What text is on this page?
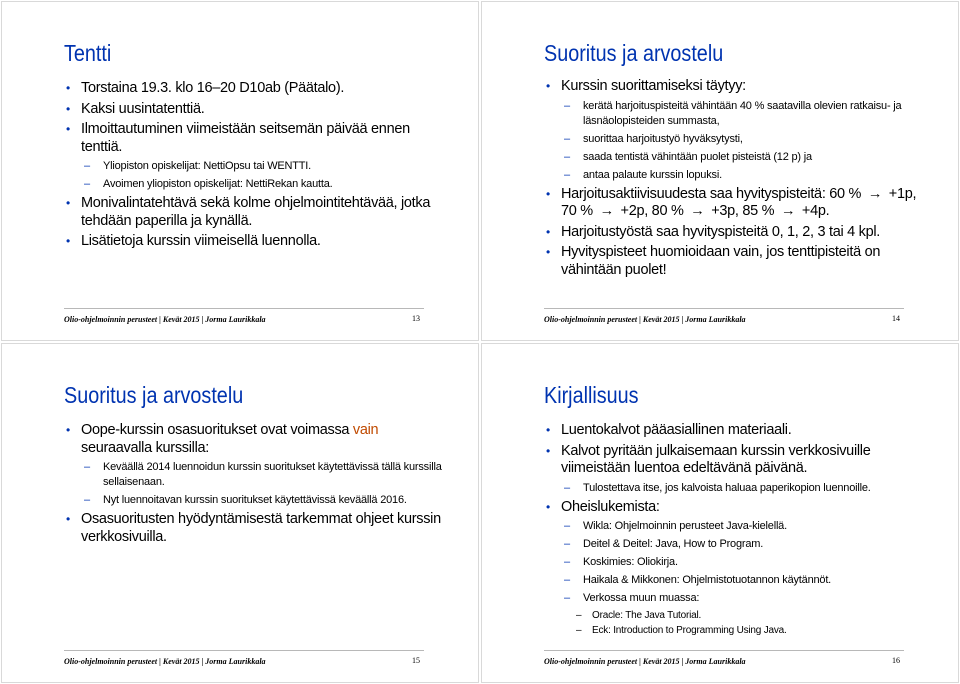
Tentti
• Torstaina 19.3. klo 16–20 D10ab (Päätalo).
• Kaksi uusintatenttiä.
• Ilmoittautuminen viimeistään seitsemän päivää ennen tenttiä.
– Yliopiston opiskelijat: NettiOpsu tai WENTTI.
– Avoimen yliopiston opiskelijat: NettiRekan kautta.
• Monivalintatehtävä sekä kolme ohjelmointitehtävää, jotka tehdään paperilla ja kynällä.
• Lisätietoja kurssin viimeisellä luennolla.
Olio-ohjelmoinnin perusteet | Kevät 2015 | Jorma Laurikkala	13
Suoritus ja arvostelu
• Kurssin suorittamiseksi täytyy:
– kerätä harjoituspisteitä vähintään 40 % saatavilla olevien ratkaisu- ja läsnäolopisteiden summasta,
– suorittaa harjoitustyö hyväksytysti,
– saada tentistä vähintään puolet pisteistä (12 p) ja
– antaa palaute kurssin lopuksi.
• Harjoitusaktiivisuudesta saa hyvityspisteitä: 60 % → +1p, 70 % → +2p, 80 % → +3p, 85 % → +4p.
• Harjoitustyöstä saa hyvityspisteitä 0, 1, 2, 3 tai 4 kpl.
• Hyvityspisteet huomioidaan vain, jos tenttipisteitä on vähintään puolet!
Olio-ohjelmoinnin perusteet | Kevät 2015 | Jorma Laurikkala	14
Suoritus ja arvostelu
• Oope-kurssin osasuoritukset ovat voimassa vain seuraavalla kurssilla:
– Keväällä 2014 luennoidun kurssin suoritukset käytettävissä tällä kurssilla sellaisenaan.
– Nyt luennoitavan kurssin suoritukset käytettävissä keväällä 2016.
• Osasuoritusten hyödyntämisestä tarkemmat ohjeet kurssin verkkosivuilla.
Olio-ohjelmoinnin perusteet | Kevät 2015 | Jorma Laurikkala	15
Kirjallisuus
• Luentokalvot pääasiallinen materiaali.
• Kalvot pyritään julkaisemaan kurssin verkkosivuille viimeistään luentoa edeltävänä päivänä.
– Tulostettava itse, jos kalvoista haluaa paperikopion luennoille.
• Oheislukemista:
– Wikla: Ohjelmoinnin perusteet Java-kielellä.
– Deitel & Deitel: Java, How to Program.
– Koskimies: Oliokirja.
– Haikala & Mikkonen: Ohjelmistotuotannon käytännöt.
– Verkossa muun muassa:
– Oracle: The Java Tutorial.
– Eck: Introduction to Programming Using Java.
Olio-ohjelmoinnin perusteet | Kevät 2015 | Jorma Laurikkala	16
